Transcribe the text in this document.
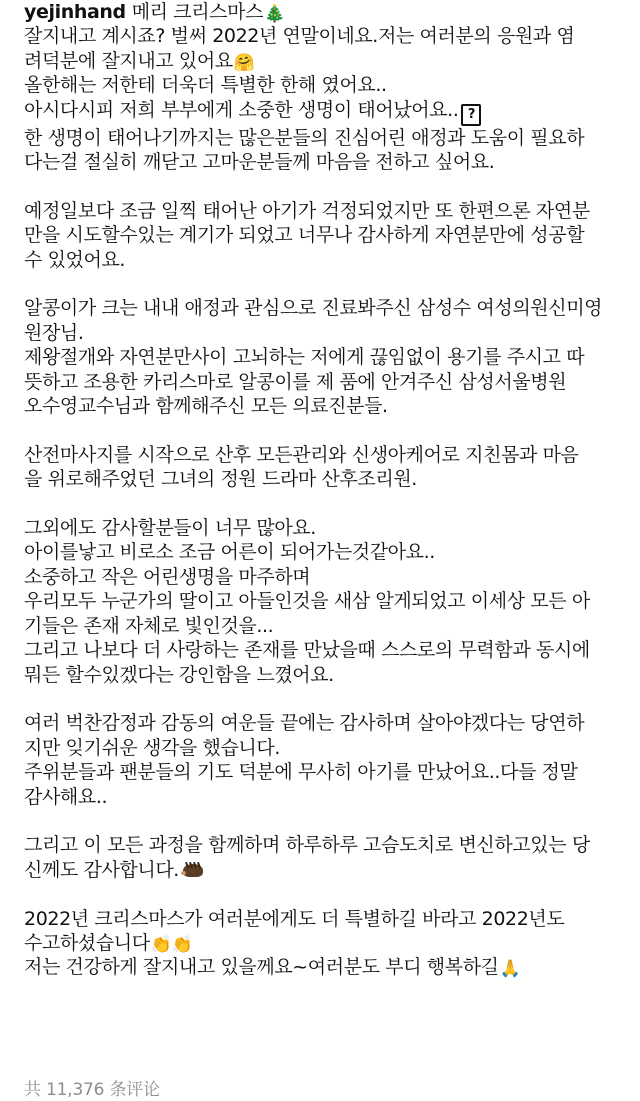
yejinhand 메리 크리스마스🎄
잘지내고 계시죠? 벌써 2022년 연말이네요.저는 여러분의 응원과 염
려덕분에 잘지내고 있어요🤗
올한해는 저한테 더욱더 특별한 한해 였어요..
아시다시피 저희 부부에게 소중한 생명이 태어났어요.. ?
한 생명이 태어나기까지는 많은분들의 진심어린 애정과 도움이 필요하
다는걸 절실히 깨닫고 고마운분들께 마음을 전하고 싶어요.
예정일보다 조금 일찍 태어난 아기가 걱정되었지만 또 한편으론 자연분
만을 시도할수있는 계기가 되었고 너무나 감사하게 자연분만에 성공할
수 있었어요.
알콩이가 크는 내내 애정과 관심으로 진료봐주신 삼성수 여성의원신미영
원장님.
제왕절개와 자연분만사이 고뇌하는 저에게 끊임없이 용기를 주시고 따
뜻하고 조용한 카리스마로 알콩이를 제 품에 안겨주신 삼성서울병원
오수영교수님과 함께해주신 모든 의료진분들.
산전마사지를 시작으로 산후 모든관리와 신생아케어로 지친몸과 마음
을 위로해주었던 그녀의 정원 드라마 산후조리원.
그외에도 감사할분들이 너무 많아요.
아이를낳고 비로소 조금 어른이 되어가는것같아요..
소중하고 작은 어린생명을 마주하며
우리모두 누군가의 딸이고 아들인것을 새삼 알게되었고 이세상 모든 아
기들은 존재 자체로 빛인것을...
그리고 나보다 더 사랑하는 존재를 만났을때 스스로의 무력함과 동시에
뭐든 할수있겠다는 강인함을 느꼈어요.
여러 벅찬감정과 감동의 여운들 끝에는 감사하며 살아야겠다는 당연하
지만 잊기쉬운 생각을 했습니다.
주위분들과 팬분들의 기도 덕분에 무사히 아기를 만났어요..다들 정말
감사해요..
그리고 이 모든 과정을 함께하며 하루하루 고슴도치로 변신하고있는 당
신께도 감사합니다.
2022년 크리스마스가 여러분에게도 더 특별하길 바라고 2022년도
수고하셨습니다👏👏
저는 건강하게 잘지내고 있을께요~여러분도 부디 행복하길🙏
共 11,376 条评论
